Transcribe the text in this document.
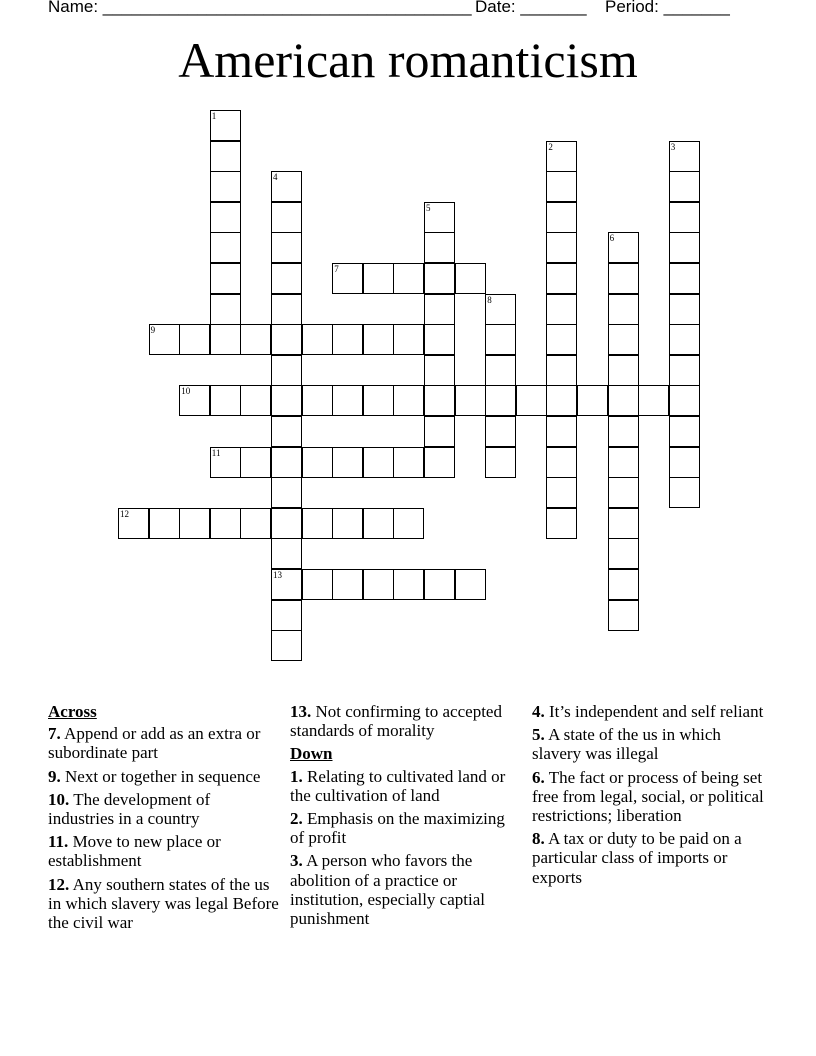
Name: _______________________________________ Date: _______ Period: _______
American romanticism
1
2	3
4
13
5
6
7
8
9
10
11
12
Across
7. Append or add as an extra or subordinate part
9. Next or together in sequence
10. The development of industries in a country
11. Move to new place or establishment
12. Any southern states of the us in which slavery was legal Before the civil war
13. Not confirming to accepted standards of morality
Down
1. Relating to cultivated land or the cultivation of land
2. Emphasis on the maximizing of profit
3. A person who favors the abolition of a practice or institution, especially captial punishment
4. It’s independent and self reliant
5. A state of the us in which slavery was illegal
6. The fact or process of being set free from legal, social, or political restrictions; liberation
8. A tax or duty to be paid on a particular class of imports or exports
